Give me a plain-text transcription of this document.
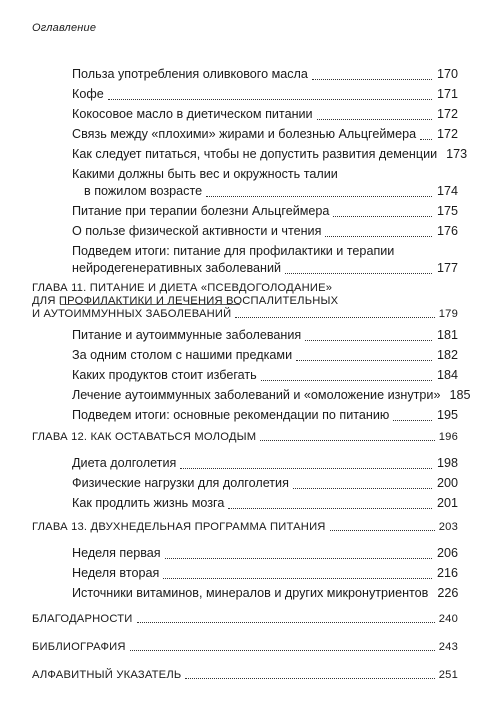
Оглавление
Польза употребления оливкового масла	170
Кофе	171
Кокосовое масло в диетическом питании	172
Связь между «плохими» жирами и болезнью Альцгеймера 172
Как следует питаться, чтобы не допустить развития деменции 173
Какими должны быть вес и окружность талии
в пожилом возрасте	174
Питание при терапии болезни Альцгеймера	175
О пользе физической активности и чтения	176
Подведем итоги: питание для профилактики и терапии
нейродегенеративных заболеваний	177
ГЛАВА 11. ПИТАНИЕ И ДИЕТА «ПСЕВДОГОЛОДАНИЕ»
ДЛЯ ПРОФИЛАКТИКИ И ЛЕЧЕНИЯ ВОСПАЛИТЕЛЬНЫХ
И АУТОИММУННЫХ ЗАБОЛЕВАНИЙ	179
Питание и аутоиммунные заболевания	181
За одним столом с нашими предками	182
Каких продуктов стоит избегать	184
Лечение аутоиммунных заболеваний и «омоложение изнутри» 185
Подведем итоги: основные рекомендации по питанию	195
ГЛАВА 12. КАК ОСТАВАТЬСЯ МОЛОДЫМ	196
Диета долголетия	198
Физические нагрузки для долголетия	200
Как продлить жизнь мозга	201
ГЛАВА 13. ДВУХНЕДЕЛЬНАЯ ПРОГРАММА ПИТАНИЯ	203
Неделя первая	206
Неделя вторая	216
Источники витаминов, минералов и других микронутриентов 226
БЛАГОДАРНОСТИ	240
БИБЛИОГРАФИЯ	243
АЛФАВИТНЫЙ УКАЗАТЕЛЬ	251
